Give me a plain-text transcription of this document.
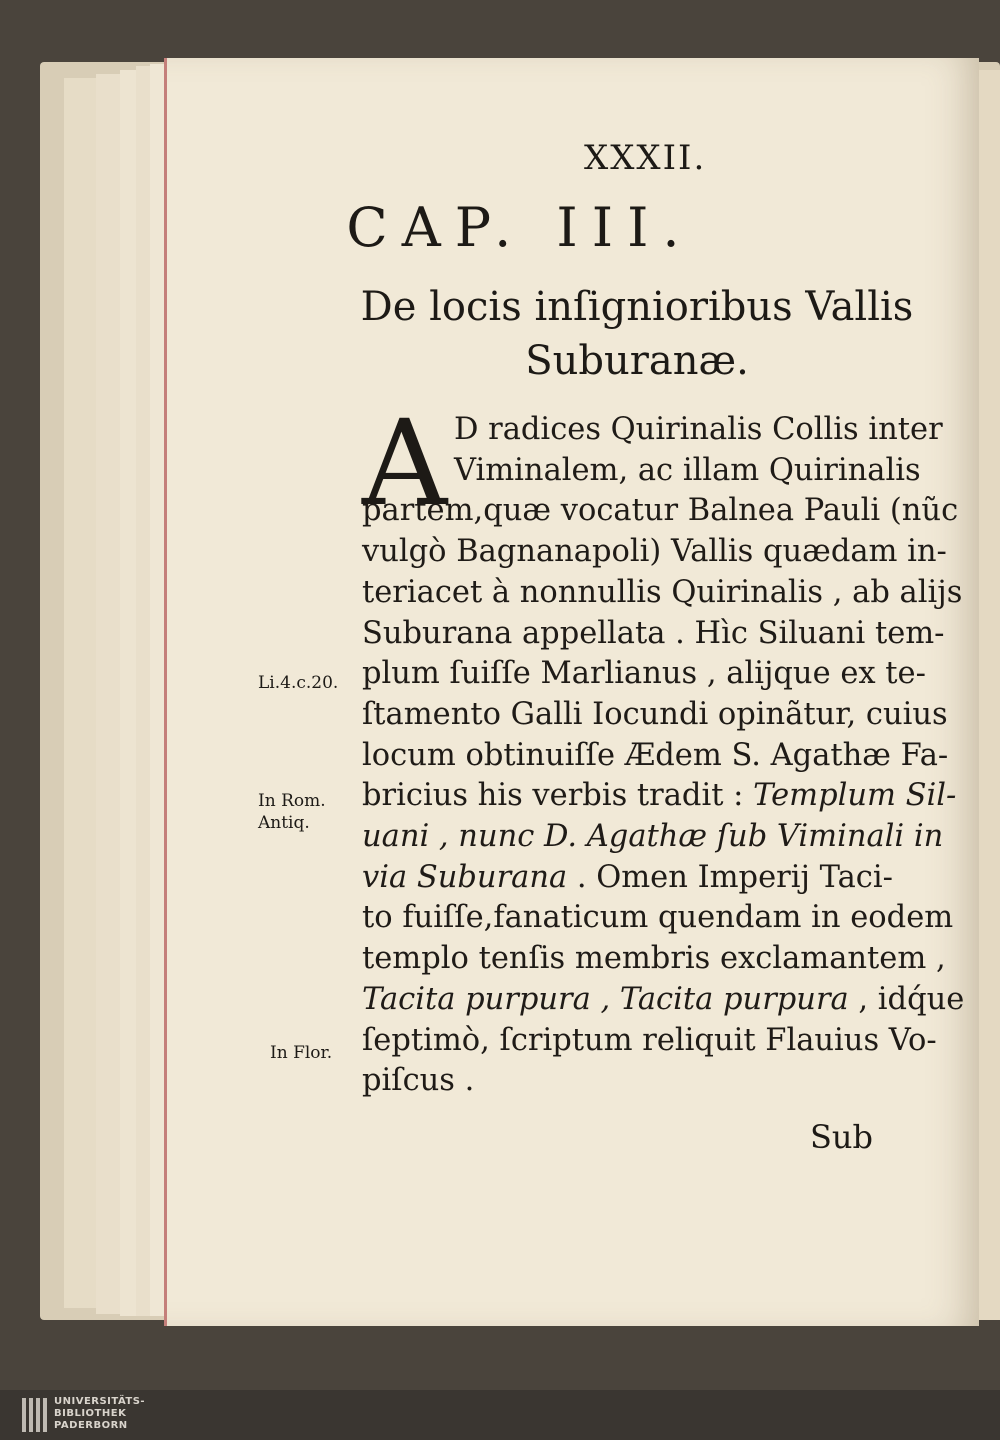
XXXII.
CAP. III.
De locis inſignioribus Vallis
Suburanæ.
A D radices Quirinalis Collis inter
Viminalem, ac illam Quirinalis
partem,quæ vocatur Balnea Pauli (nũc
vulgò Bagnanapoli) Vallis quædam in-
teriacet à nonnullis Quirinalis , ab alijs
Suburana appellata . Hìc Siluani tem-
plum ſuiſſe Marlianus , alijque ex te-
ſtamento Galli Iocundi opinãtur, cuius
locum obtinuiſſe Ædem S. Agathæ Fa-
bricius his verbis tradit : Templum Sil-
uani , nunc D. Agathæ ſub Viminali in
via Suburana . Omen Imperij Taci-
to fuiſſe,fanaticum quendam in eodem
templo tenſis membris exclamantem ,
Tacita purpura , Tacita purpura , idq́ue
ſeptimò, ſcriptum reliquit Flauius Vo-
piſcus .
Sub
Li.4.c.20.
In Rom.
Antiq.
In Flor.
UNIVERSITÄTS-
BIBLIOTHEK
PADERBORN
